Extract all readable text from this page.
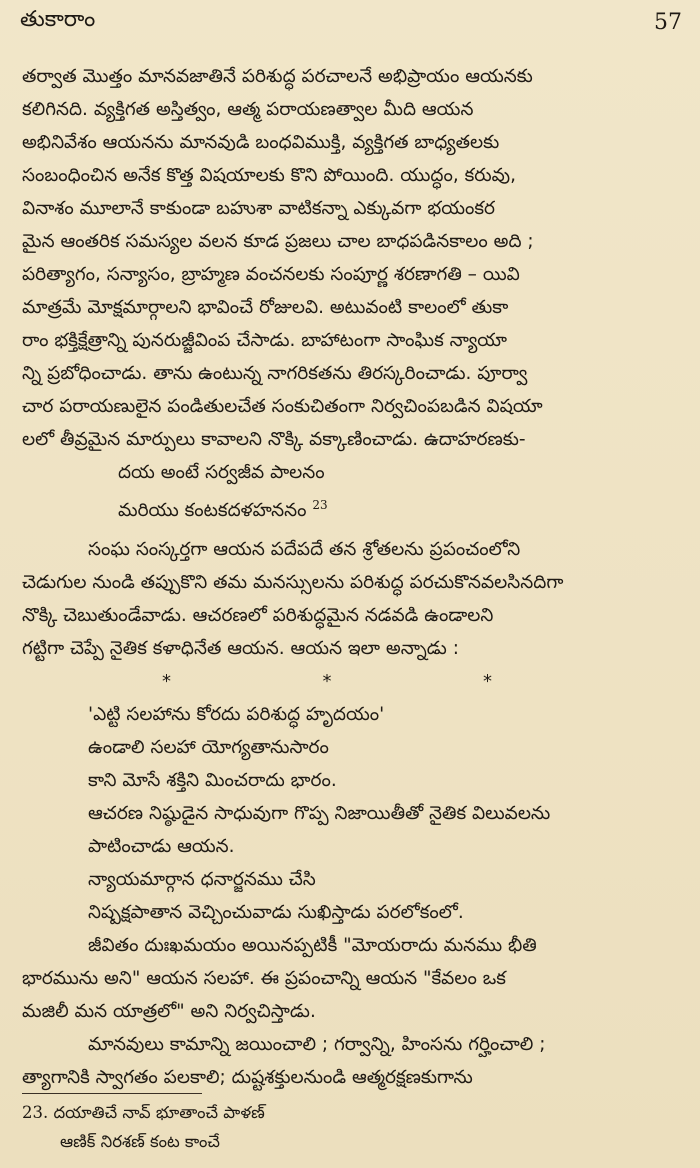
తుకారాం	57
తర్వాత మొత్తం మానవజాతినే పరిశుద్ధ పరచాలనే అభిప్రాయం ఆయనకు
కలిగినది. వ్యక్తిగత అస్తిత్వం, ఆత్మ పరాయణత్వాల మీది ఆయన
అభినివేశం ఆయనను మానవుడి బంధవిముక్తి, వ్యక్తిగత బాధ్యతలకు
సంబంధించిన అనేక కొత్త విషయాలకు కొని పోయింది. యుద్ధం, కరువు,
వినాశం మూలానే కాకుండా బహుశా వాటికన్నా ఎక్కువగా భయంకర
మైన ఆంతరిక సమస్యల వలన కూడ ప్రజలు చాల బాధపడినకాలం అది ;
పరిత్యాగం, సన్యాసం, బ్రాహ్మణ వంచనలకు సంపూర్ణ శరణాగతి – యివి
మాత్రమే మోక్షమార్గాలని భావించే రోజులవి. అటువంటి కాలంలో తుకా
రాం భక్తిక్షేత్రాన్ని పునరుజ్జీవింప చేసాడు. బాహాటంగా సాంఘిక న్యాయా
న్ని ప్రబోధించాడు. తాను ఉంటున్న నాగరికతను తిరస్కరించాడు. పూర్వా
చార పరాయణులైన పండితులచేత సంకుచితంగా నిర్వచింపబడిన విషయా
లలో తీవ్రమైన మార్పులు కావాలని నొక్కి వక్కాణించాడు. ఉదాహరణకు-
దయ అంటే సర్వజీవ పాలనం
మరియు కంటకదళహననం $^{23}$
సంఘ సంస్కర్తగా ఆయన పదేపదే తన శ్రోతలను ప్రపంచంలోని
చెడుగుల నుండి తప్పుకొని తమ మనస్సులను పరిశుద్ధ పరచుకొనవలసినదిగా
నొక్కి చెబుతుండేవాడు. ఆచరణలో పరిశుద్ధమైన నడవడి ఉండాలని
గట్టిగా చెప్పే నైతిక కళాధినేత ఆయన. ఆయన ఇలా అన్నాడు :
*	*	*
'ఎట్టి సలహాను కోరదు పరిశుద్ధ హృదయం'
ఉండాలి సలహా యోగ్యతానుసారం
కాని మోసే శక్తిని మించరాదు భారం.
ఆచరణ నిష్ఠుడైన సాధువుగా గొప్ప నిజాయితీతో నైతిక విలువలను
పాటించాడు ఆయన.
న్యాయమార్గాన ధనార్జనము చేసి
నిష్పక్షపాతాన వెచ్చించువాడు సుఖిస్తాడు పరలోకంలో.
జీవితం దుఃఖమయం అయినప్పటికీ "మోయరాదు మనము భీతి
భారమును అని" ఆయన సలహా. ఈ ప్రపంచాన్ని ఆయన "కేవలం ఒక
మజిలీ మన యాత్రలో" అని నిర్వచిస్తాడు.
మానవులు కామాన్ని జయించాలి ; గర్వాన్ని, హింసను గర్హించాలి ;
త్యాగానికి స్వాగతం పలకాలి; దుష్టశక్తులనుండి ఆత్మరక్షణకుగాను
23. దయాతిచే నావ్ భూతాంచే పాళణ్
ఆణిక్ నిరశణ్ కంట కాంచే
